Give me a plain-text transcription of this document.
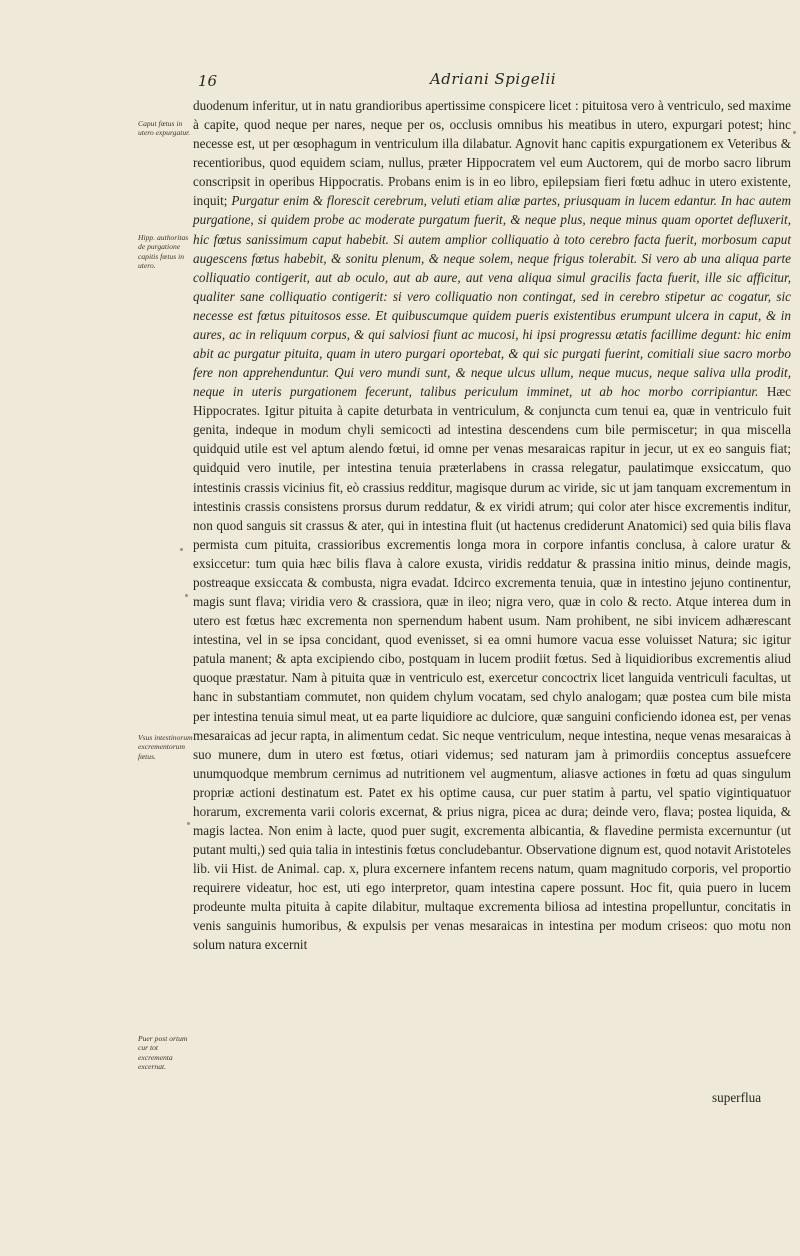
16	Adriani Spigelii
Caput fœtus in utero expurgatur.
Hipp. authoritas de purgatione capitis fœtus in utero.
Vsus intestinorum excrementorum fœtus.
Puer post ortum cur tot excrementa excernat.

duodenum inferitur, ut in natu grandioribus apertissime conspicere licet : pituitosa vero à ventriculo, sed maxime à capite, quod neque per nares, neque per os, occlusis omnibus his meatibus in utero, expurgari potest; hinc necesse est, ut per œsophagum in ventriculum illa dilabatur. Agnovit hanc capitis expurgationem ex Veteribus & recentioribus, quod equidem sciam, nullus, præter Hippocratem vel eum Auctorem, qui de morbo sacro librum conscripsit in operibus Hippocratis. Probans enim is in eo libro, epilepsiam fieri fœtu adhuc in utero existente, inquit; Purgatur enim & florescit cerebrum, veluti etiam aliæ partes, priusquam in lucem edantur. In hac autem purgatione, si quidem probe ac moderate purgatum fuerit, & neque plus, neque minus quam oportet defluxerit, hic fœtus sanissimum caput habebit. Si autem amplior colliquatio à toto cerebro facta fuerit, morbosum caput augescens fœtus habebit, & sonitu plenum, & neque solem, neque frigus tolerabit. Si vero ab una aliqua parte colliquatio contigerit, aut ab oculo, aut ab aure, aut vena aliqua simul gracilis facta fuerit, ille sic afficitur, qualiter sane colliquatio contigerit: si vero colliquatio non contingat, sed in cerebro stipetur ac cogatur, sic necesse est fœtus pituitosos esse. Et quibuscumque quidem pueris existentibus erumpunt ulcera in caput, & in aures, ac in reliquum corpus, & qui salviosi fiunt ac mucosi, hi ipsi progressu ætatis facillime degunt: hic enim abit ac purgatur pituita, quam in utero purgari oportebat, & qui sic purgati fuerint, comitiali siue sacro morbo fere non apprehenduntur. Qui vero mundi sunt, & neque ulcus ullum, neque mucus, neque saliva ulla prodit, neque in uteris purgationem fecerunt, talibus periculum imminet, ut ab hoc morbo corripiantur. Hæc Hippocrates. Igitur pituita à capite deturbata in ventriculum, & conjuncta cum tenui ea, quæ in ventriculo fuit genita, indeque in modum chyli semicocti ad intestina descendens cum bile permiscetur; in qua miscella quidquid utile est vel aptum alendo fœtui, id omne per venas mesaraicas rapitur in jecur, ut ex eo sanguis fiat; quidquid vero inutile, per intestina tenuia præterlabens in crassa relegatur, paulatimque exsiccatum, quo intestinis crassis vicinius fit, eò crassius redditur, magisque durum ac viride, sic ut jam tanquam excrementum in intestinis crassis consistens prorsus durum reddatur, & ex viridi atrum; qui color ater hisce excrementis inditur, non quod sanguis sit crassus & ater, qui in intestina fluit (ut hactenus crediderunt Anatomici) sed quia bilis flava permista cum pituita, crassioribus excrementis longa mora in corpore infantis conclusa, à calore uratur & exsiccetur: tum quia hæc bilis flava à calore exusta, viridis reddatur & prassina initio minus, deinde magis, postreaque exsiccata & combusta, nigra evadat. Idcirco excrementa tenuia, quæ in intestino jejuno continentur, magis sunt flava; viridia vero & crassiora, quæ in ileo; nigra vero, quæ in colo & recto. Atque interea dum in utero est fœtus hæc excrementa non spernendum habent usum. Nam prohibent, ne sibi invicem adhærescant intestina, vel in se ipsa concidant, quod evenisset, si ea omni humore vacua esse voluisset Natura; sic igitur patula manent; & apta excipiendo cibo, postquam in lucem prodiit fœtus. Sed à liquidioribus excrementis aliud quoque præstatur. Nam à pituita quæ in ventriculo est, exercetur concoctrix licet languida ventriculi facultas, ut hanc in substantiam commutet, non quidem chylum vocatam, sed chylo analogam; quæ postea cum bile mista per intestina tenuia simul meat, ut ea parte liquidiore ac dulciore, quæ sanguini conficiendo idonea est, per venas mesaraicas ad jecur rapta, in alimentum cedat. Sic neque ventriculum, neque intestina, neque venas mesaraicas à suo munere, dum in utero est fœtus, otiari videmus; sed naturam jam à primordiis conceptus assuefcere unumquodque membrum cernimus ad nutritionem vel augmentum, aliasve actiones in fœtu ad quas singulum propriæ actioni destinatum est. Patet ex his optime causa, cur puer statim à partu, vel spatio vigintiquatuor horarum, excrementa varii coloris excernat, & prius nigra, picea ac dura; deinde vero, flava; postea liquida, & magis lactea. Non enim à lacte, quod puer sugit, excrementa albicantia, & flavedine permista excernuntur (ut putant multi,) sed quia talia in intestinis fœtus concludebantur. Observatione dignum est, quod notavit Aristoteles lib. vii Hist. de Animal. cap. x, plura excernere infantem recens natum, quam magnitudo corporis, vel proportio requirere videatur, hoc est, uti ego interpretor, quam intestina capere possunt. Hoc fit, quia puero in lucem prodeunte multa pituita à capite dilabitur, multaque excrementa biliosa ad intestina propelluntur, concitatis in venis sanguinis humoribus, & expulsis per venas mesaraicas in intestina per modum criseos: quo motu non solum natura excernit

superflua
